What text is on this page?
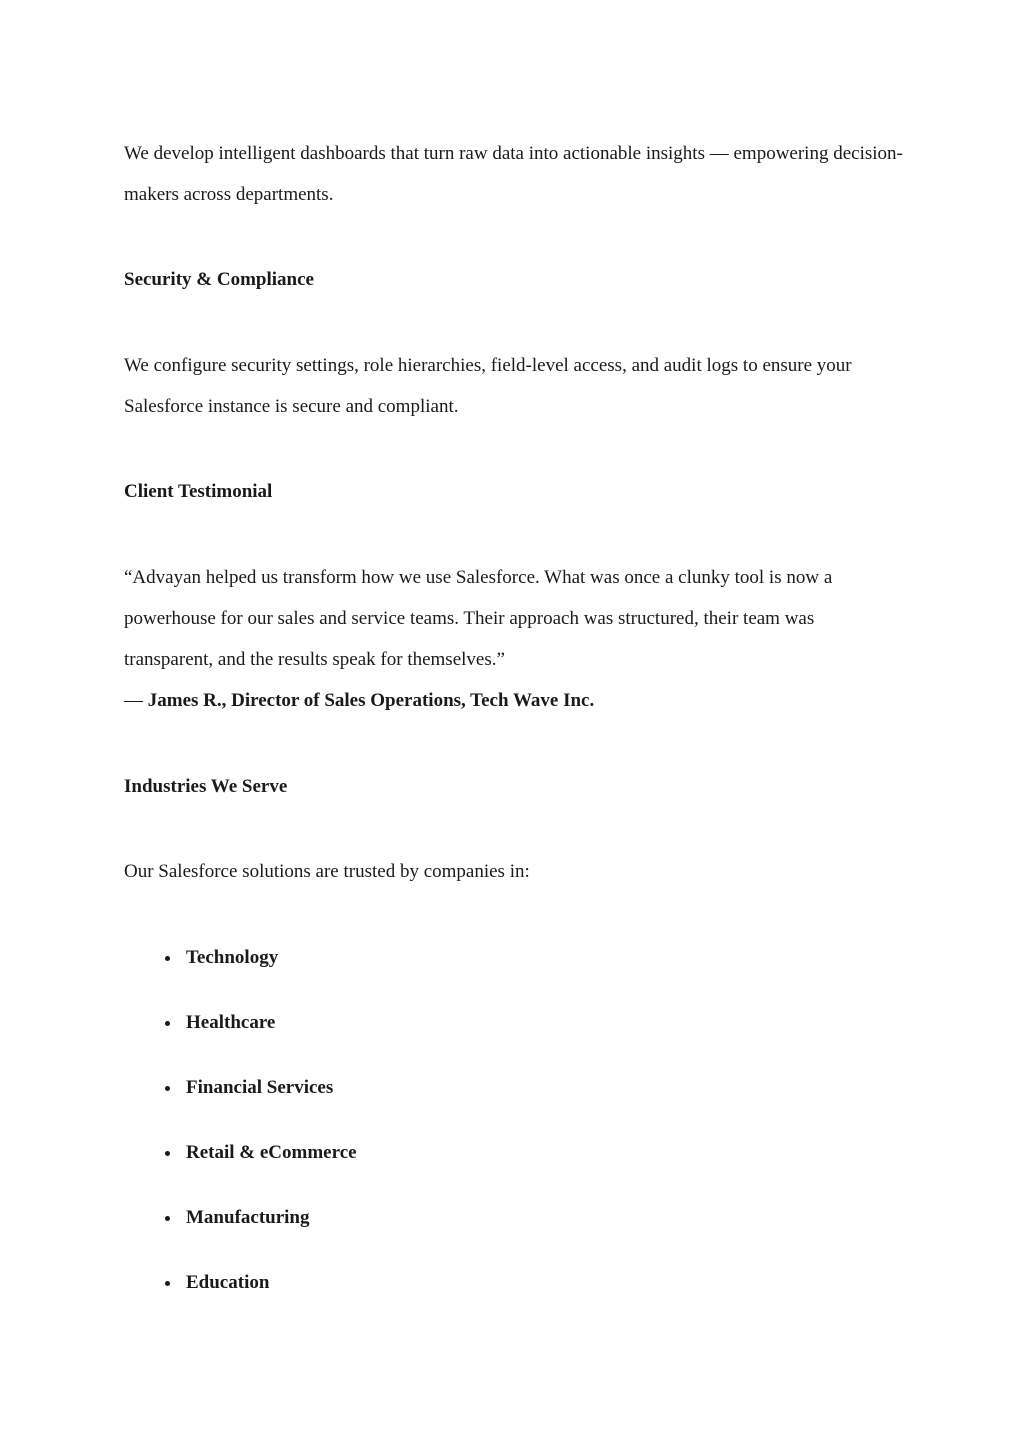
We develop intelligent dashboards that turn raw data into actionable insights — empowering decision-makers across departments.

Security & Compliance

We configure security settings, role hierarchies, field-level access, and audit logs to ensure your Salesforce instance is secure and compliant.

Client Testimonial

“Advayan helped us transform how we use Salesforce. What was once a clunky tool is now a powerhouse for our sales and service teams. Their approach was structured, their team was transparent, and the results speak for themselves.”

— James R., Director of Sales Operations, Tech Wave Inc.

Industries We Serve

Our Salesforce solutions are trusted by companies in:

Technology
Healthcare
Financial Services
Retail & eCommerce
Manufacturing
Education
